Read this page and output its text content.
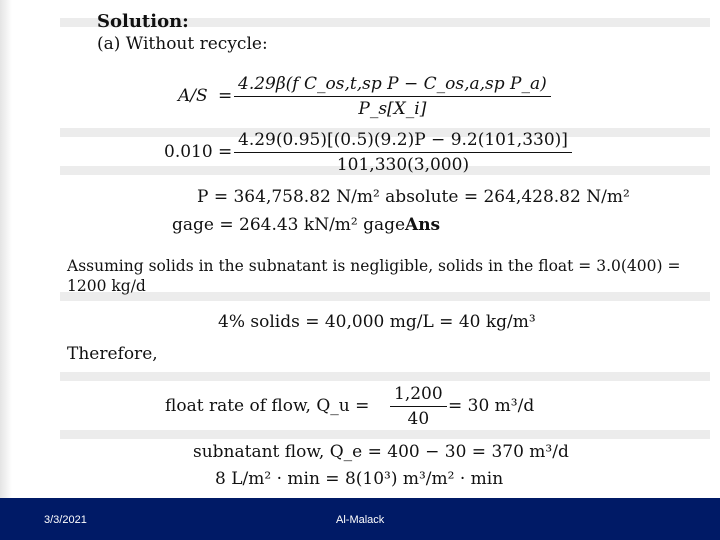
Solution:
(a) Without recycle:
$A/S = \frac{\text{4.29β(f C\_os,t,sp P − C\_os,a,sp P\_a)}}{P\_s[X\_i]}$
$0.010 = \frac{4.29(0.95)[(0.5)(9.2)P - 9.2(101,330)]}{101,330(3,000)}$
P = 364,758.82 N/m² absolute = 264,428.82 N/m²
gage = 264.43 kN/m² gage Ans
Assuming solids in the subnatant is negligible, solids in the float = 3.0(400) =
1200 kg/d
4% solids = 40,000 mg/L = 40 kg/m³
Therefore,
float rate of flow, Q_u = $\frac{1,200}{40} = 30$ m³/d
subnatant flow, Q_e = 400 − 30 = 370 m³/d
8 L/m² · min = 8(10³) m³/m² · min
3/3/2021	Al-Malack
